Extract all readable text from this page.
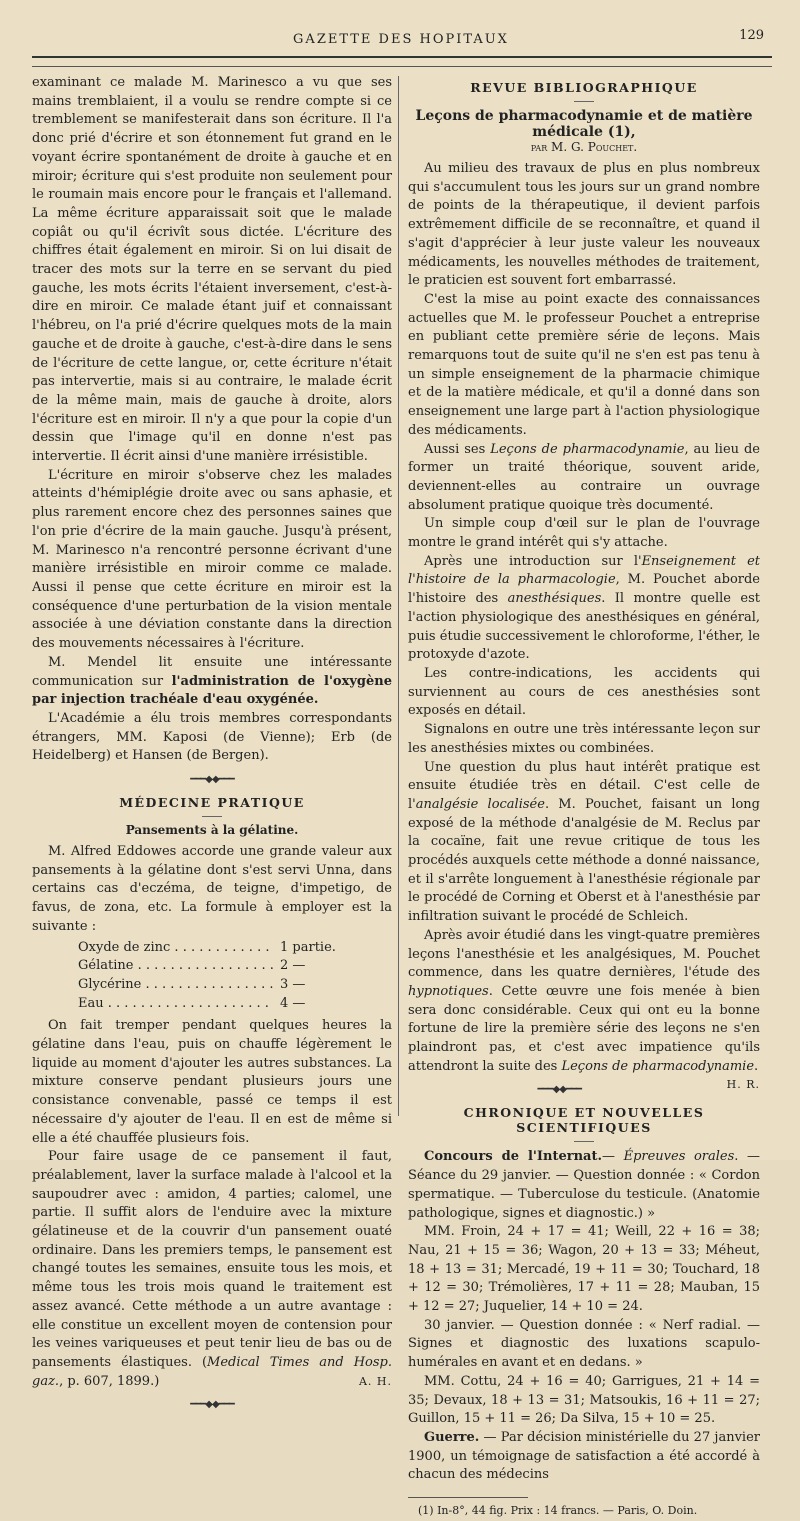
GAZETTE DES HOPITAUX	129

examinant ce malade M. Marinesco a vu que ses mains tremblaient, il a voulu se rendre compte si ce tremblement se manifesterait dans son écriture. Il l'a donc prié d'écrire et son étonnement fut grand en le voyant écrire spontanément de droite à gauche et en miroir; écriture qui s'est produite non seulement pour le roumain mais encore pour le français et l'allemand. La même écriture apparaissait soit que le malade copiât ou qu'il écrivît sous dictée. L'écriture des chiffres était également en miroir. Si on lui disait de tracer des mots sur la terre en se servant du pied gauche, les mots écrits l'étaient inversement, c'est-à-dire en miroir. Ce malade étant juif et connaissant l'hébreu, on l'a prié d'écrire quelques mots de la main gauche et de droite à gauche, c'est-à-dire dans le sens de l'écriture de cette langue, or, cette écriture n'était pas intervertie, mais si au contraire, le malade écrit de la même main, mais de gauche à droite, alors l'écriture est en miroir. Il n'y a que pour la copie d'un dessin que l'image qu'il en donne n'est pas intervertie. Il écrit ainsi d'une manière irrésistible.

L'écriture en miroir s'observe chez les malades atteints d'hémiplégie droite avec ou sans aphasie, et plus rarement encore chez des personnes saines que l'on prie d'écrire de la main gauche. Jusqu'à présent, M. Marinesco n'a rencontré personne écrivant d'une manière irrésistible en miroir comme ce malade. Aussi il pense que cette écriture en miroir est la conséquence d'une perturbation de la vision mentale associée à une déviation constante dans la direction des mouvements nécessaires à l'écriture.

M. Mendel lit ensuite une intéressante communication sur l'administration de l'oxygène par injection trachéale d'eau oxygénée.

L'Académie a élu trois membres correspondants étrangers, MM. Kaposi (de Vienne); Erb (de Heidelberg) et Hansen (de Bergen).

━━━◆◆━━━
MÉDECINE PRATIQUE
Pansements à la gélatine.

M. Alfred Eddowes accorde une grande valeur aux pansements à la gélatine dont s'est servi Unna, dans certains cas d'eczéma, de teigne, d'impetigo, de favus, de zona, etc. La formule à employer est la suivante :

Oxyde de zinc . . .	1 partie.
Gélatine . . .	2 —
Glycérine . . .	3 —
Eau . . .	4 —

On fait tremper pendant quelques heures la gélatine dans l'eau, puis on chauffe légèrement le liquide au moment d'ajouter les autres substances. La mixture conserve pendant plusieurs jours une consistance convenable, passé ce temps il est nécessaire d'y ajouter de l'eau. Il en est de même si elle a été chauffée plusieurs fois.

Pour faire usage de ce pansement il faut, préalablement, laver la surface malade à l'alcool et la saupoudrer avec : amidon, 4 parties; calomel, une partie. Il suffit alors de l'enduire avec la mixture gélatineuse et de la couvrir d'un pansement ouaté ordinaire. Dans les premiers temps, le pansement est changé toutes les semaines, ensuite tous les mois, et même tous les trois mois quand le traitement est assez avancé. Cette méthode a un autre avantage : elle constitue un excellent moyen de contension pour les veines variqueuses et peut tenir lieu de bas ou de pansements élastiques. (Medical Times and Hosp. gaz., p. 607, 1899.)	A. H.

━━━◆◆━━━
REVUE BIBLIOGRAPHIQUE
Leçons de pharmacodynamie et de matière médicale (1),
par M. G. Pouchet.

Au milieu des travaux de plus en plus nombreux qui s'accumulent tous les jours sur un grand nombre de points de la thérapeutique, il devient parfois extrêmement difficile de se reconnaître, et quand il s'agit d'apprécier à leur juste valeur les nouveaux médicaments, les nouvelles méthodes de traitement, le praticien est souvent fort embarrassé.

C'est la mise au point exacte des connaissances actuelles que M. le professeur Pouchet a entreprise en publiant cette première série de leçons. Mais remarquons tout de suite qu'il ne s'en est pas tenu à un simple enseignement de la pharmacie chimique et de la matière médicale, et qu'il a donné dans son enseignement une large part à l'action physiologique des médicaments.

Aussi ses Leçons de pharmacodynamie, au lieu de former un traité théorique, souvent aride, deviennent-elles au contraire un ouvrage absolument pratique quoique très documenté.

Un simple coup d'œil sur le plan de l'ouvrage montre le grand intérêt qui s'y attache.

Après une introduction sur l'Enseignement et l'histoire de la pharmacologie, M. Pouchet aborde l'histoire des anesthésiques. Il montre quelle est l'action physiologique des anesthésiques en général, puis étudie successivement le chloroforme, l'éther, le protoxyde d'azote.

Les contre-indications, les accidents qui surviennent au cours de ces anesthésies sont exposés en détail.

Signalons en outre une très intéressante leçon sur les anesthésies mixtes ou combinées.

Une question du plus haut intérêt pratique est ensuite étudiée très en détail. C'est celle de l'analgésie localisée. M. Pouchet, faisant un long exposé de la méthode d'analgésie de M. Reclus par la cocaïne, fait une revue critique de tous les procédés auxquels cette méthode a donné naissance, et il s'arrête longuement à l'anesthésie régionale par le procédé de Corning et Oberst et à l'anesthésie par infiltration suivant le procédé de Schleich.

Après avoir étudié dans les vingt-quatre premières leçons l'anesthésie et les analgésiques, M. Pouchet commence, dans les quatre dernières, l'étude des hypnotiques. Cette œuvre une fois menée à bien sera donc considérable. Ceux qui ont eu la bonne fortune de lire la première série des leçons ne s'en plaindront pas, et c'est avec impatience qu'ils attendront la suite des Leçons de pharmacodynamie.
H. R.

━━━◆◆━━━
CHRONIQUE ET NOUVELLES SCIENTIFIQUES

Concours de l'Internat.— Épreuves orales. — Séance du 29 janvier. — Question donnée : « Cordon spermatique. — Tuberculose du testicule. (Anatomie pathologique, signes et diagnostic.) »

MM. Froin, 24 + 17 = 41; Weill, 22 + 16 = 38; Nau, 21 + 15 = 36; Wagon, 20 + 13 = 33; Méheut, 18 + 13 = 31; Mercadé, 19 + 11 = 30; Touchard, 18 + 12 = 30; Trémolières, 17 + 11 = 28; Mauban, 15 + 12 = 27; Juquelier, 14 + 10 = 24.

30 janvier. — Question donnée : « Nerf radial. — Signes et diagnostic des luxations scapulo-humérales en avant et en dedans. »

MM. Cottu, 24 + 16 = 40; Garrigues, 21 + 14 = 35; Devaux, 18 + 13 = 31; Matsoukis, 16 + 11 = 27; Guillon, 15 + 11 = 26; Da Silva, 15 + 10 = 25.

Guerre. — Par décision ministérielle du 27 janvier 1900, un témoignage de satisfaction a été accordé à chacun des médecins

(1) In-8°, 44 fig. Prix : 14 francs. — Paris, O. Doin.
